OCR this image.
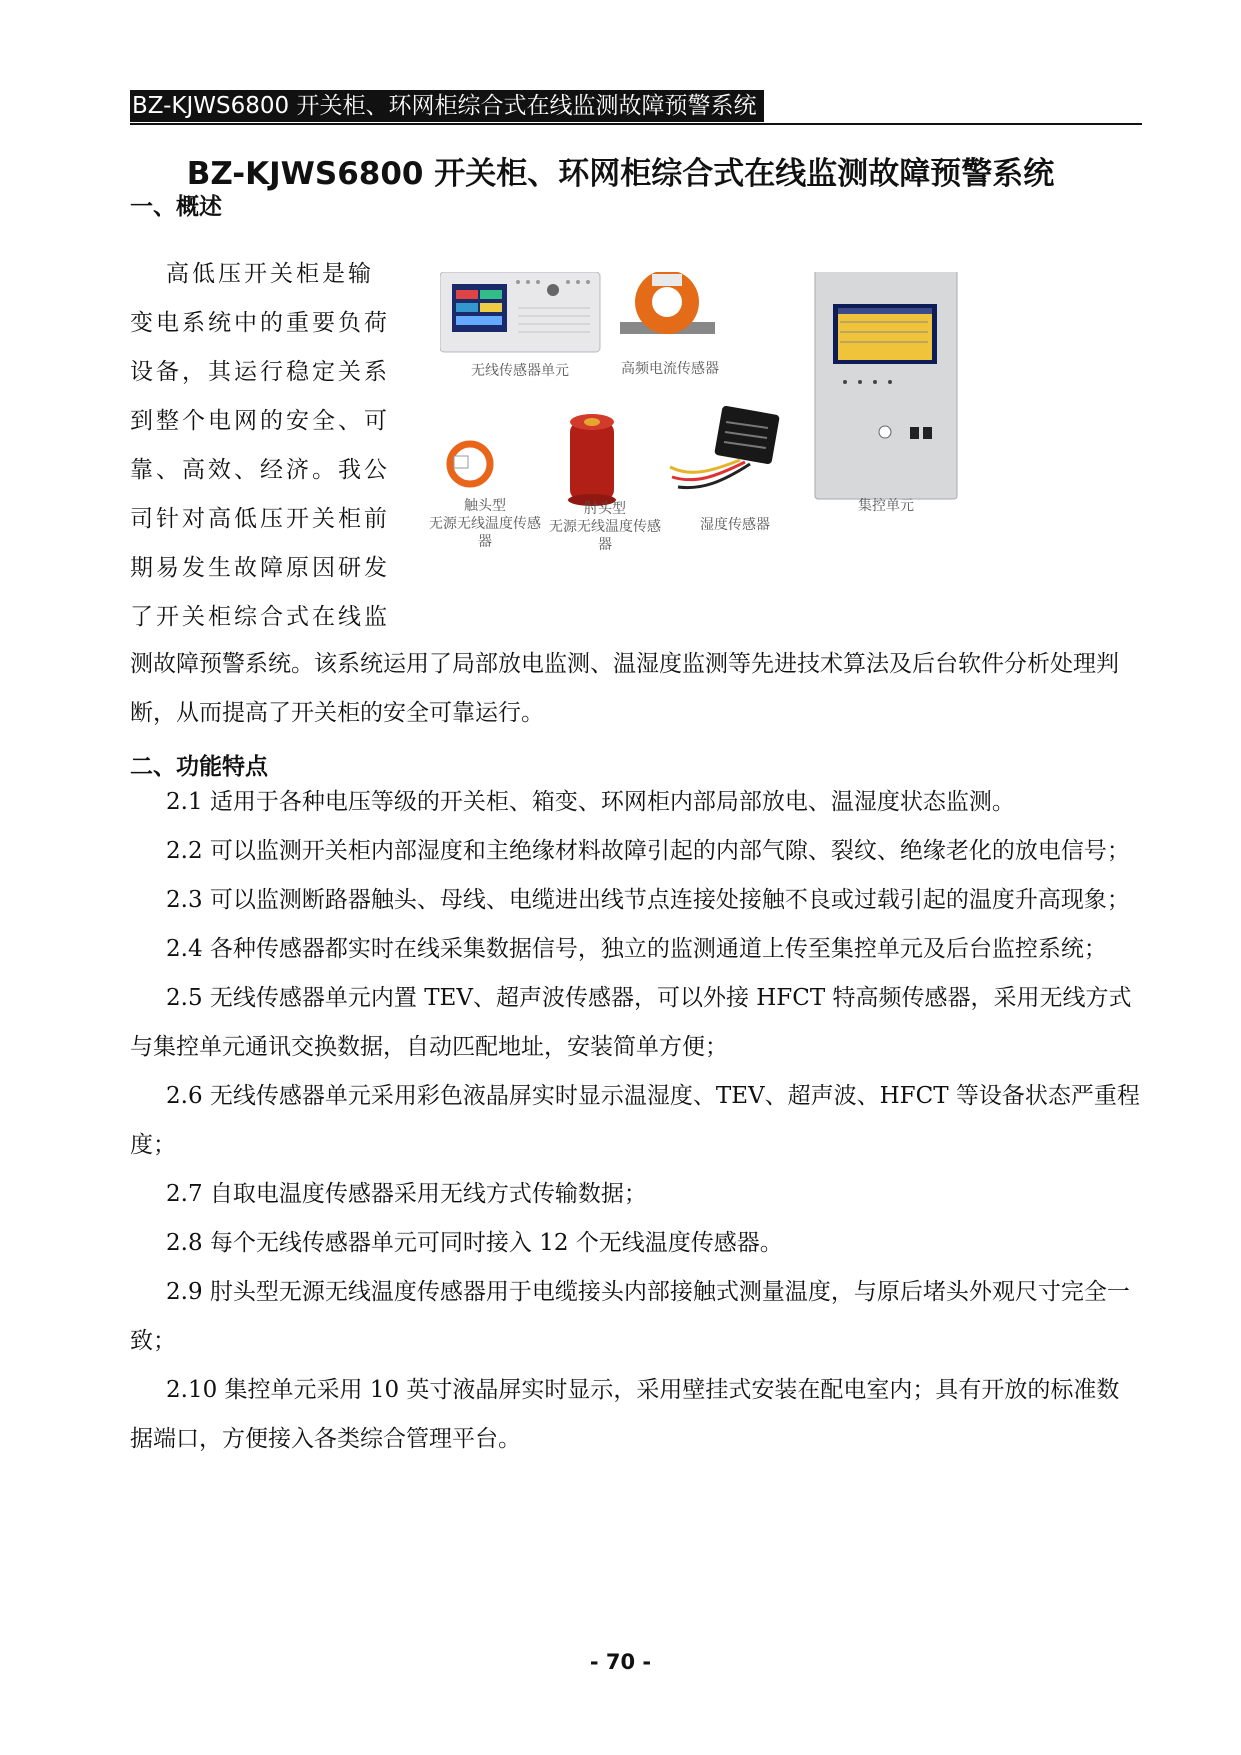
BZ-KJWS6800 开关柜、环网柜综合式在线监测故障预警系统
BZ-KJWS6800 开关柜、环网柜综合式在线监测故障预警系统
一、概述

高低压开关柜是输变电系统中的重要负荷设备，其运行稳定关系到整个电网的安全、可靠、高效、经济。我公司针对高低压开关柜前期易发生故障原因研发了开关柜综合式在线监

无线传感器单元	高频电流传感器
集控单元
触头型
无源无线温度传感器
肘头型
无源无线温度传感器
湿度传感器

测故障预警系统。该系统运用了局部放电监测、温湿度监测等先进技术算法及后台软件分析处理判断，从而提高了开关柜的安全可靠运行。

二、功能特点

2.1 适用于各种电压等级的开关柜、箱变、环网柜内部局部放电、温湿度状态监测。

2.2 可以监测开关柜内部湿度和主绝缘材料故障引起的内部气隙、裂纹、绝缘老化的放电信号；

2.3 可以监测断路器触头、母线、电缆进出线节点连接处接触不良或过载引起的温度升高现象；

2.4 各种传感器都实时在线采集数据信号，独立的监测通道上传至集控单元及后台监控系统；

2.5 无线传感器单元内置 TEV、超声波传感器，可以外接 HFCT 特高频传感器，采用无线方式与集控单元通讯交换数据，自动匹配地址，安装简单方便；

2.6 无线传感器单元采用彩色液晶屏实时显示温湿度、TEV、超声波、HFCT 等设备状态严重程度；

2.7 自取电温度传感器采用无线方式传输数据；

2.8 每个无线传感器单元可同时接入 12 个无线温度传感器。

2.9 肘头型无源无线温度传感器用于电缆接头内部接触式测量温度，与原后堵头外观尺寸完全一致；

2.10 集控单元采用 10 英寸液晶屏实时显示，采用壁挂式安装在配电室内；具有开放的标准数据端口，方便接入各类综合管理平台。

- 70 -
